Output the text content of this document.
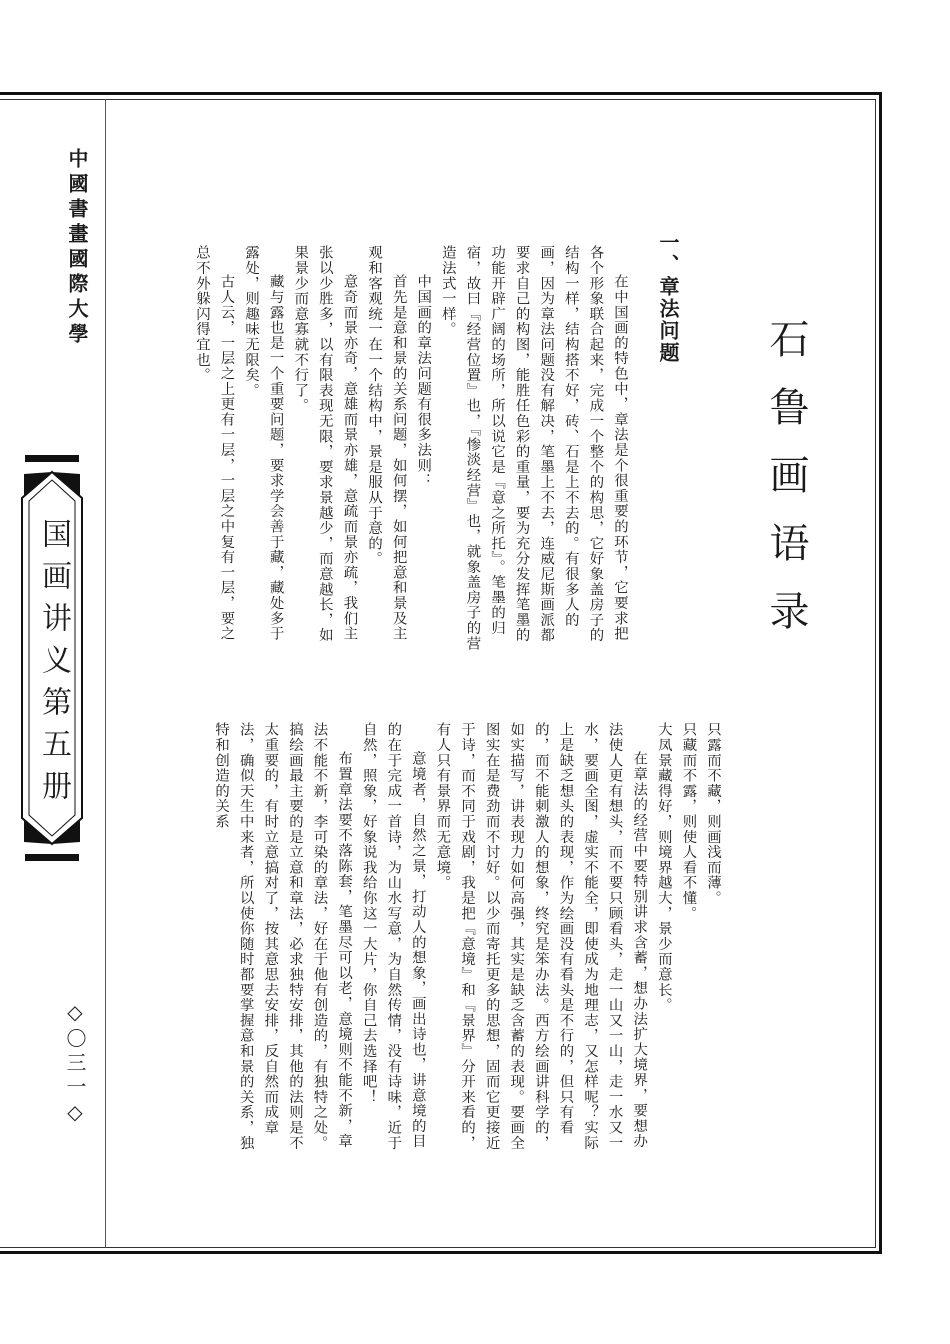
中國書畫國際大學
国画讲义第五册
◇〇三一◇
石鲁画语录
一、章法问题

在中国画的特色中，章法是个很重要的环节，它要求把各个形象联合起来，完成一个整个的构思，它好象盖房子的结构一样，结构搭不好，砖、石是上不去的。有很多人的画，因为章法问题没有解决，笔墨上不去，连威尼斯画派都要求自己的构图，能胜任色彩的重量，要为充分发挥笔墨的功能开辟广阔的场所，所以说它是『意之所托』。笔墨的归宿，故曰『经营位置』也，『惨淡经营』也，就象盖房子的营造法式一样。

中国画的章法问题有很多法则：

首先是意和景的关系问题，如何摆，如何把意和景及主观和客观统一在一个结构中，景是服从于意的。

意奇而景亦奇，意雄而景亦雄，意疏而景亦疏，我们主张以少胜多，以有限表现无限，要求景越少，而意越长，如果景少而意寡就不行了。

藏与露也是一个重要问题，要求学会善于藏，藏处多于露处，则趣味无限矣。

古人云，一层之上更有一层，一层之中复有一层，要之总不外躲闪得宜也。

只露而不藏，则画浅而薄。

只藏而不露，则使人看不懂。

大凤景藏得好，则境界越大，景少而意长。

在章法的经营中要特别讲求含蓄，想办法扩大境界，要想办法使人更有想头，而不要只顾看头，走一山又一山，走一水又一水，要画全图，虚实不能全，即使成为地理志，又怎样呢？实际上是缺乏想头的表现，作为绘画没有看头是不行的，但只有看的，而不能刺激人的想象，终究是笨办法。西方绘画讲科学的，如实描写，讲表现力如何高强，其实是缺乏含蓄的表现。要画全图实在是费劲而不讨好。以少而寄托更多的思想，固而它更接近于诗，而不同于戏剧，我是把『意境』和『景界』分开来看的，有人只有景界而无意境。

意境者，自然之景，打动人的想象，画出诗也，讲意境的目的在于完成一首诗，为山水写意，为自然传情，没有诗味，近于自然，照象，好象说我给你这一大片，你自己去选择吧！

布置章法要不落陈套，笔墨尽可以老，意境则不能不新，章法不能不新，李可染的章法，好在于他有创造的，有独特之处。搞绘画最主要的是立意和章法，必求独特安排，其他的法则是不太重要的，有时立意搞对了，按其意思去安排，反自然而成章法，确似天生中来者，所以使你随时都要掌握意和景的关系，独特和创造的关系
